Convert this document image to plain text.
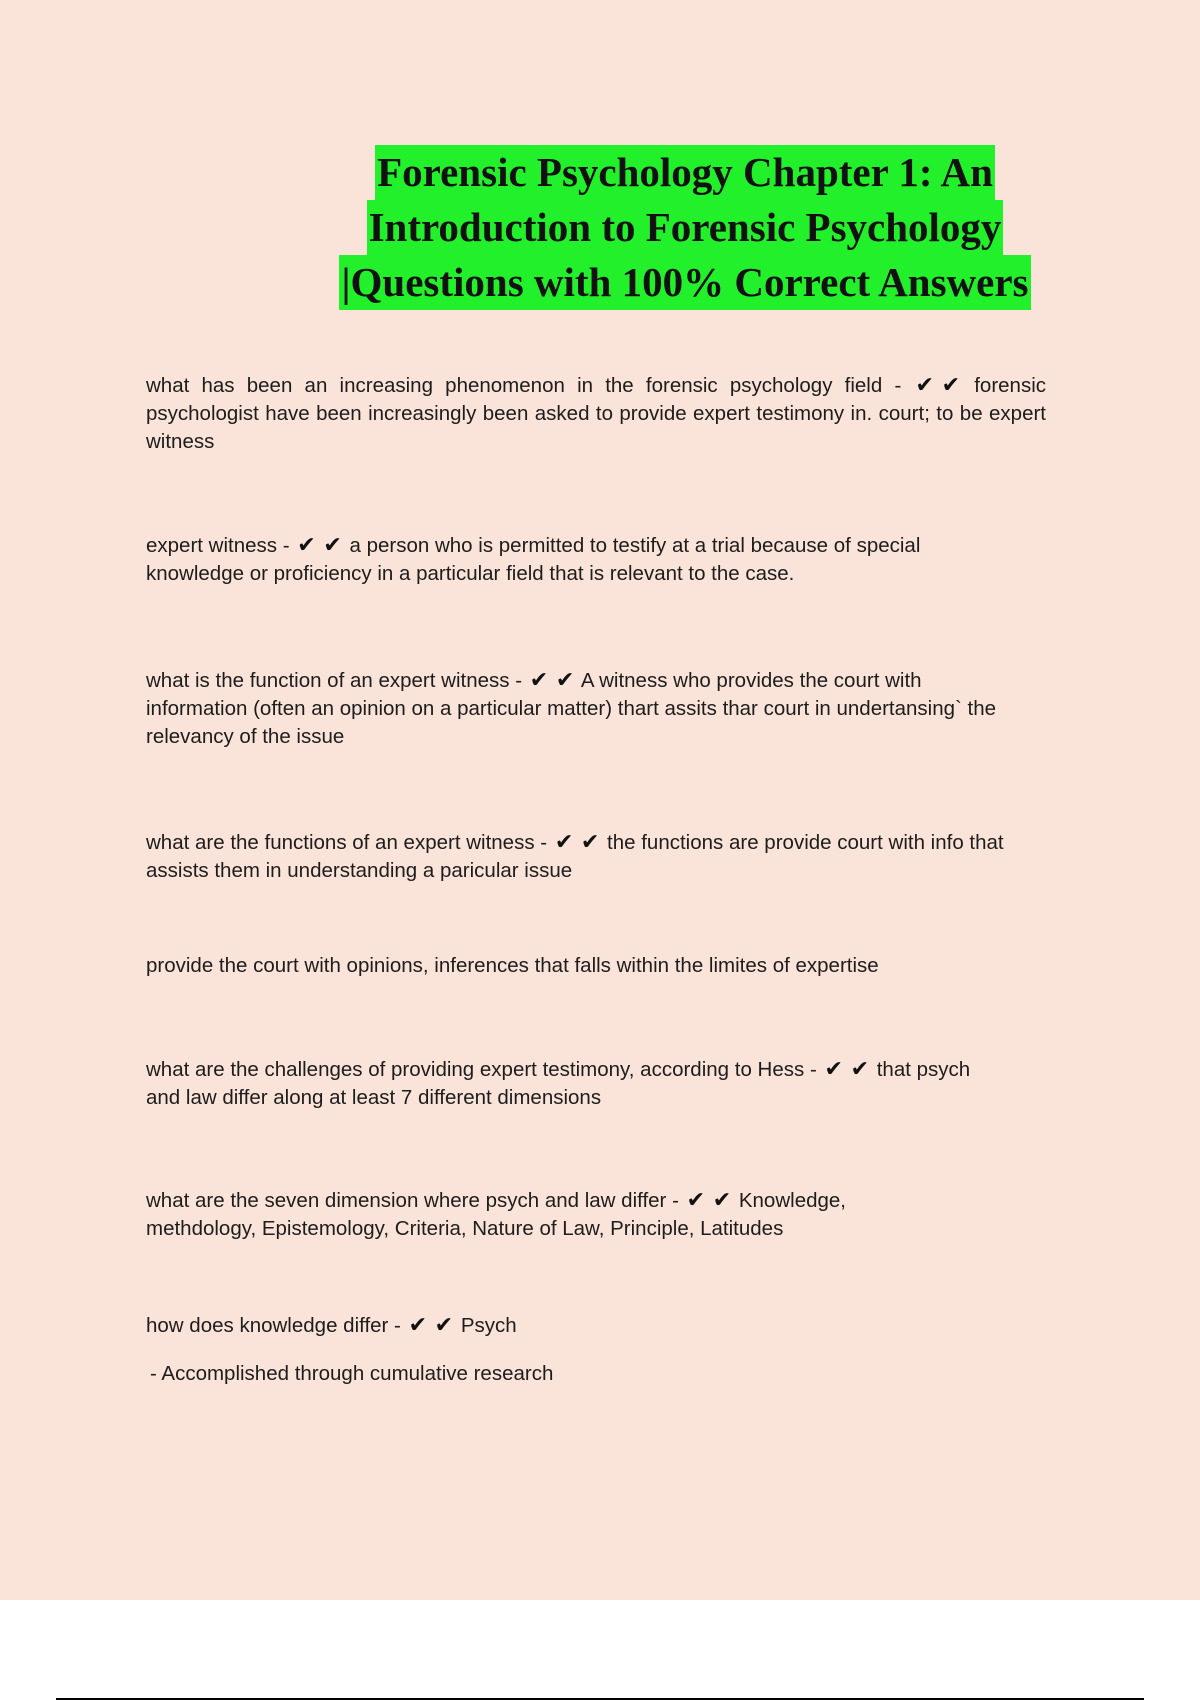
Forensic Psychology Chapter 1: An
Introduction to Forensic Psychology
|Questions with 100% Correct Answers
what has been an increasing phenomenon in the forensic psychology field - ✔ ✔ forensic psychologist have been increasingly been asked to provide expert testimony in. court; to be expert witness
expert witness - ✔ ✔ a person who is permitted to testify at a trial because of special knowledge or proficiency in a particular field that is relevant to the case.
what is the function of an expert witness - ✔ ✔ A witness who provides the court with information (often an opinion on a particular matter) thart assits thar court in undertansing` the relevancy of the issue
what are the functions of an expert witness - ✔ ✔ the functions are provide court with info that assists them in understanding a paricular issue
provide the court with opinions, inferences that falls within the limites of expertise
what are the challenges of providing expert testimony, according to Hess - ✔ ✔ that psych and law differ along at least 7 different dimensions
what are the seven dimension where psych and law differ - ✔ ✔ Knowledge, methdology, Epistemology, Criteria, Nature of Law, Principle, Latitudes
how does knowledge differ - ✔ ✔ Psych
- Accomplished through cumulative research
